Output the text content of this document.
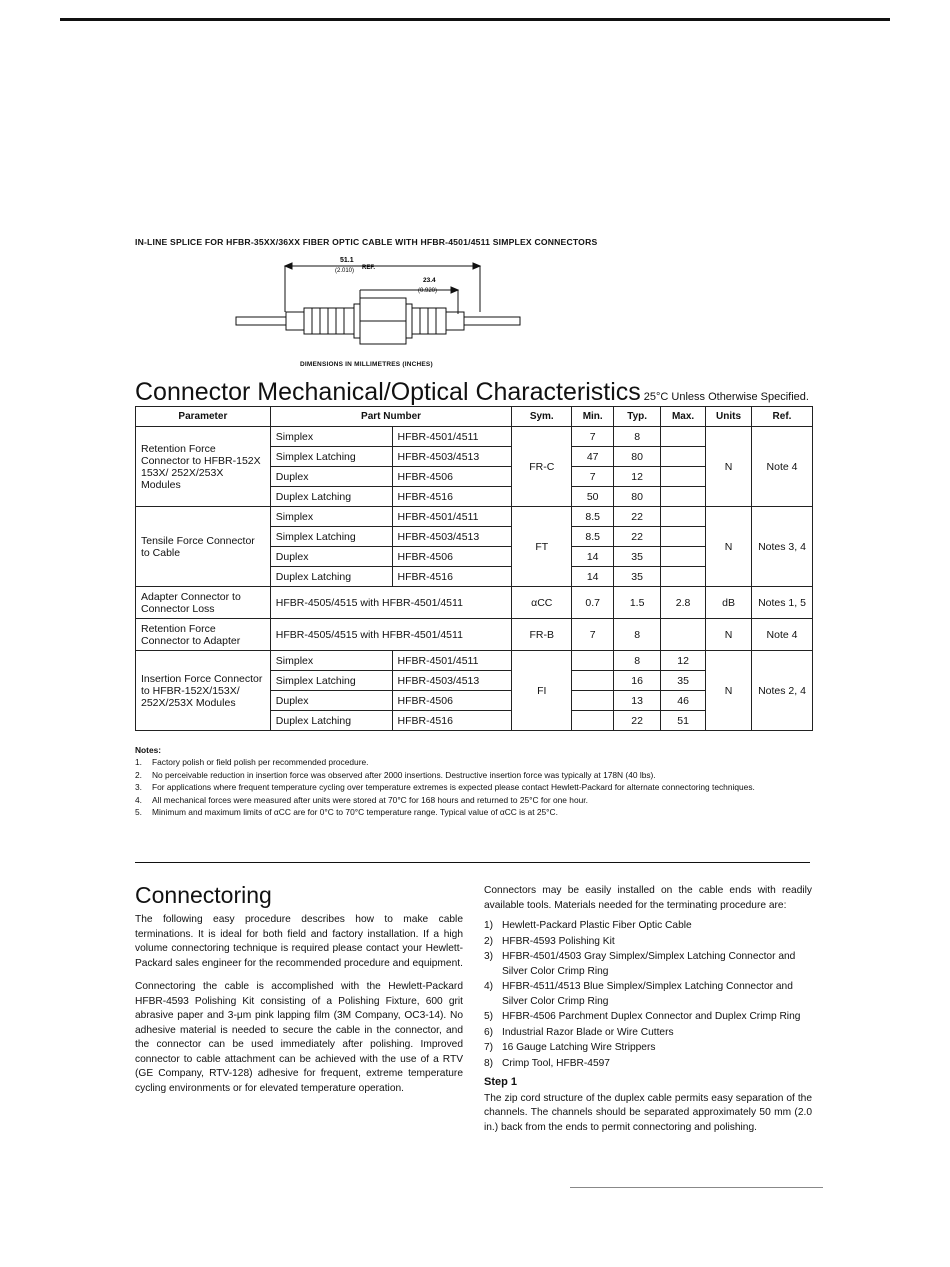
IN-LINE SPLICE FOR HFBR-35XX/36XX FIBER OPTIC CABLE WITH HFBR-4501/4511 SIMPLEX CONNECTORS
51.1
(2.010) REF.
23.4
(0.920)
DIMENSIONS IN MILLIMETRES (INCHES)
Connector Mechanical/Optical Characteristics 25°C Unless Otherwise Specified.
Parameter	Part Number		Sym.	Min.	Typ.	Max.	Units	Ref.
Retention Force Connector to HFBR-152X 153X/ 252X/253X Modules	Simplex	HFBR-4501/4511	FR-C	7	8		N	Note 4
	Simplex Latching	HFBR-4503/4513		47	80			
	Duplex	HFBR-4506		7	12			
	Duplex Latching	HFBR-4516		50	80			
Tensile Force Connector to Cable	Simplex	HFBR-4501/4511	FT	8.5	22		N	Notes 3, 4
	Simplex Latching	HFBR-4503/4513		8.5	22			
	Duplex	HFBR-4506		14	35			
	Duplex Latching	HFBR-4516		14	35			
Adapter Connector to Connector Loss	HFBR-4505/4515 with HFBR-4501/4511		αCC	0.7	1.5	2.8	dB	Notes 1, 5
Retention Force Connector to Adapter	HFBR-4505/4515 with HFBR-4501/4511		FR-B	7	8		N	Note 4
Insertion Force Connector to HFBR-152X/153X/ 252X/253X Modules	Simplex	HFBR-4501/4511	FI		8	12	N	Notes 2, 4
	Simplex Latching	HFBR-4503/4513			16	35		
	Duplex	HFBR-4506			13	46		
	Duplex Latching	HFBR-4516			22	51		
Notes:
1. Factory polish or field polish per recommended procedure.
2. No perceivable reduction in insertion force was observed after 2000 insertions. Destructive insertion force was typically at 178N (40 lbs).
3. For applications where frequent temperature cycling over temperature extremes is expected please contact Hewlett-Packard for alternate connectoring techniques.
4. All mechanical forces were measured after units were stored at 70°C for 168 hours and returned to 25°C for one hour.
5. Minimum and maximum limits of αCC are for 0°C to 70°C temperature range. Typical value of αCC is at 25°C.
Connectoring

The following easy procedure describes how to make cable terminations. It is ideal for both field and factory installation. If a high volume connectoring technique is required please contact your Hewlett-Packard sales engineer for the recommended procedure and equipment.

Connectoring the cable is accomplished with the Hewlett-Packard HFBR-4593 Polishing Kit consisting of a Polishing Fixture, 600 grit abrasive paper and 3-μm pink lapping film (3M Company, OC3-14). No adhesive material is needed to secure the cable in the connector, and the connector can be used immediately after polishing. Improved connector to cable attachment can be achieved with the use of a RTV (GE Company, RTV-128) adhesive for frequent, extreme temperature cycling environments or for elevated temperature operation.

Connectors may be easily installed on the cable ends with readily available tools. Materials needed for the terminating procedure are:

1) Hewlett-Packard Plastic Fiber Optic Cable
2) HFBR-4593 Polishing Kit
3) HFBR-4501/4503 Gray Simplex/Simplex Latching Connector and Silver Color Crimp Ring
4) HFBR-4511/4513 Blue Simplex/Simplex Latching Connector and Silver Color Crimp Ring
5) HFBR-4506 Parchment Duplex Connector and Duplex Crimp Ring
6) Industrial Razor Blade or Wire Cutters
7) 16 Gauge Latching Wire Strippers
8) Crimp Tool, HFBR-4597
Step 1

The zip cord structure of the duplex cable permits easy separation of the channels. The channels should be separated approximately 50 mm (2.0 in.) back from the ends to permit connectoring and polishing.
